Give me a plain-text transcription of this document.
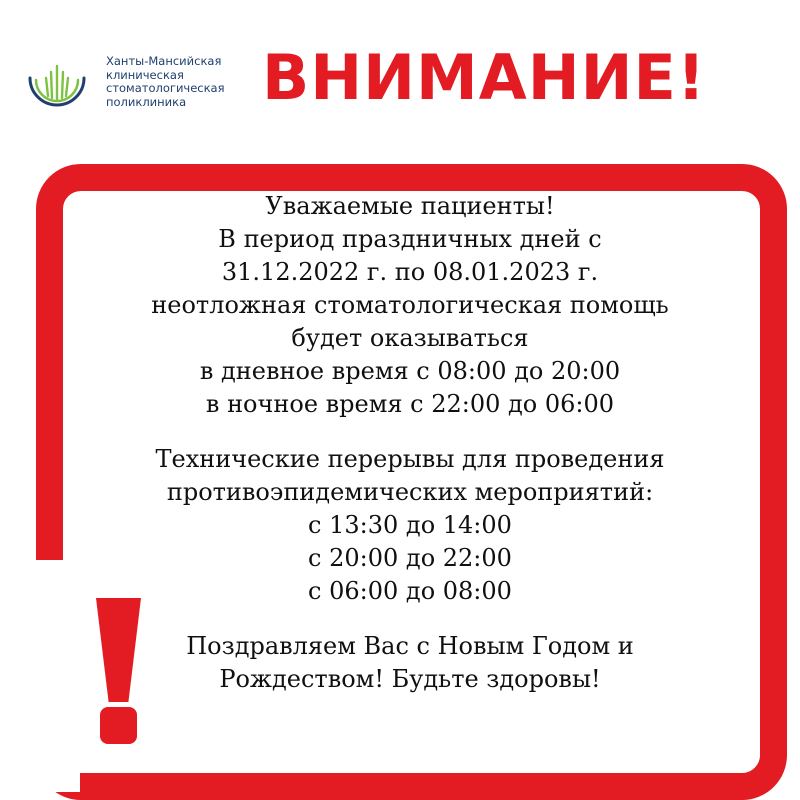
Ханты-Мансийская
клиническая
стоматологическая
поликлиника	ВНИМАНИЕ!
Уважаемые пациенты!
В период праздничных дней с
31.12.2022 г. по 08.01.2023 г.
неотложная стоматологическая помощь
будет оказываться
в дневное время с 08:00 до 20:00
в ночное время с 22:00 до 06:00
Технические перерывы для проведения
противоэпидемических мероприятий:
с 13:30 до 14:00
с 20:00 до 22:00
с 06:00 до 08:00
Поздравляем Вас с Новым Годом и
Рождеством! Будьте здоровы!
